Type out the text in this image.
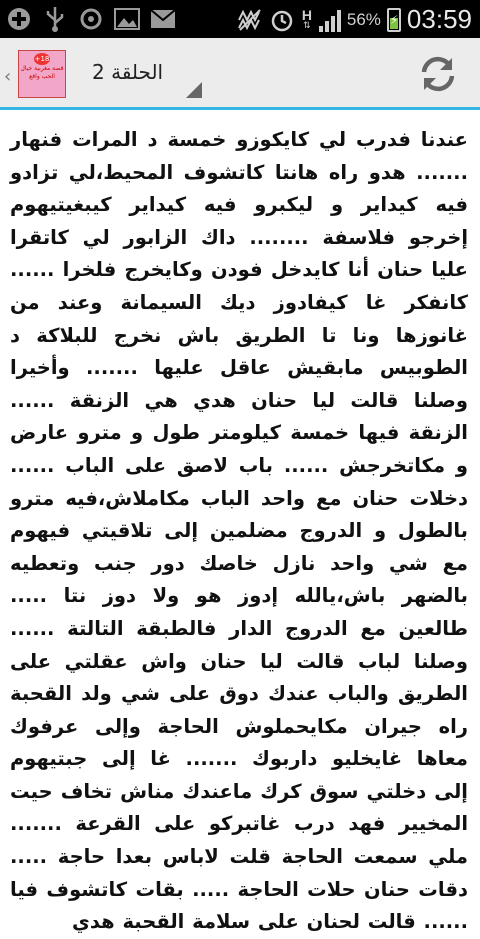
H
⇅ 56% ⚡ 03:59
‹
+18
قصة مغربية خيال الحب واقع	الحلقة 2

عندنا فدرب لي كايكوزو خمسة د المرات فنهار ....... هدو راه هانتا كاتشوف المحيط،لي تزادو فيه كيداير و ليكبرو فيه كيداير كيبغيتيهوم إخرجو فلاسفة ........ داك الزابور لي كاتقرا عليا حنان أنا كايدخل فودن وكايخرج فلخرا ...... كانفكر غا كيفادوز ديك السيمانة وعند من غانوزها ونا تا الطريق باش نخرج للبلاكة د الطوبيس مابقيش عاقل عليها ....... وأخيرا وصلنا قالت ليا حنان هدي هي الزنقة ...... الزنقة فيها خمسة كيلومتر طول و مترو عارض و مكاتخرجش ...... باب لاصق على الباب ...... دخلات حنان مع واحد الباب مكاملاش،فيه مترو بالطول و الدروج مضلمين إلى تلاقيتي فيهوم مع شي واحد نازل خاصك دور جنب وتعطيه بالضهر باش،يالله إدوز هو ولا دوز نتا ..... طالعين مع الدروج الدار فالطبقة التالتة ...... وصلنا لباب قالت ليا حنان واش عقلتي على الطريق والباب عندك دوق على شي ولد القحبة راه جيران مكايحملوش الحاجة وإلى عرفوك معاها غايخليو داربوك ....... غا إلى جبتيهوم إلى دخلتي سوق كرك ماعندك مناش تخاف حيت المخيير فهد درب غاتبركو على القرعة ....... ملي سمعت الحاجة قلت لاباس بعدا حاجة ..... دقات حنان حلات الحاجة ..... بقات كاتشوف فيا ...... قالت لحنان على سلامة القحبة هدي
